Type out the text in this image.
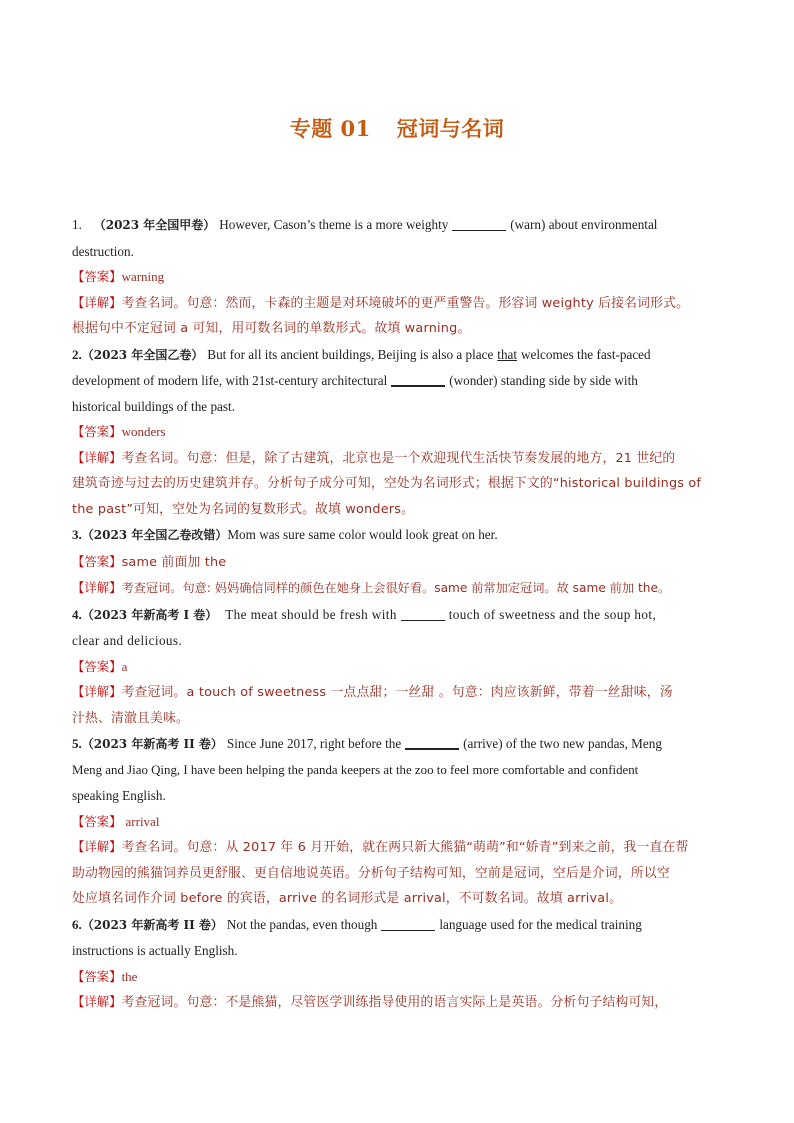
专题 01 冠词与名词
1. （2023 年全国甲卷） However, Cason’s theme is a more weighty	(warn) about environmental
destruction.
【答案】warning
【详解】考查名词。句意：然而，卡森的主题是对环境破坏的更严重警告。形容词 weighty 后接名词形式。
根据句中不定冠词 a 可知，用可数名词的单数形式。故填 warning。
2.（2023 年全国乙卷） But for all its ancient buildings, Beijing is also a place that welcomes the fast-paced
development of modern life, with 21st-century architectural	(wonder) standing side by side with
historical buildings of the past.
【答案】wonders
【详解】考查名词。句意：但是，除了古建筑，北京也是一个欢迎现代生活快节奏发展的地方，21 世纪的
建筑奇迹与过去的历史建筑并存。分析句子成分可知，空处为名词形式；根据下文的“historical buildings of
the past”可知，空处为名词的复数形式。故填 wonders。
3.（2023 年全国乙卷改错）Mom was sure same color would look great on her.
【答案】same 前面加 the
【详解】考查冠词。句意: 妈妈确信同样的颜色在她身上会很好看。same 前常加定冠词。故 same 前加 the。
4.（2023 年新高考 I 卷） The meat should be fresh with	touch of sweetness and the soup hot,
clear and delicious.
【答案】a
【详解】考查冠词。a touch of sweetness 一点点甜；一丝甜 。句意：肉应该新鲜，带着一丝甜味，汤
汁热、清澈且美味。
5.（2023 年新高考 II 卷） Since June 2017, right before the	(arrive) of the two new pandas, Meng
Meng and Jiao Qing, I have been helping the panda keepers at the zoo to feel more comfortable and confident
speaking English.
【答案】 arrival
【详解】考查名词。句意：从 2017 年 6 月开始，就在两只新大熊猫“萌萌”和“娇青”到来之前，我一直在帮
助动物园的熊猫饲养员更舒服、更自信地说英语。分析句子结构可知，空前是冠词，空后是介词，所以空
处应填名词作介词 before 的宾语，arrive 的名词形式是 arrival，不可数名词。故填 arrival。
6.（2023 年新高考 II 卷） Not the pandas, even though	language used for the medical training
instructions is actually English.
【答案】the
【详解】考查冠词。句意：不是熊猫，尽管医学训练指导使用的语言实际上是英语。分析句子结构可知，
